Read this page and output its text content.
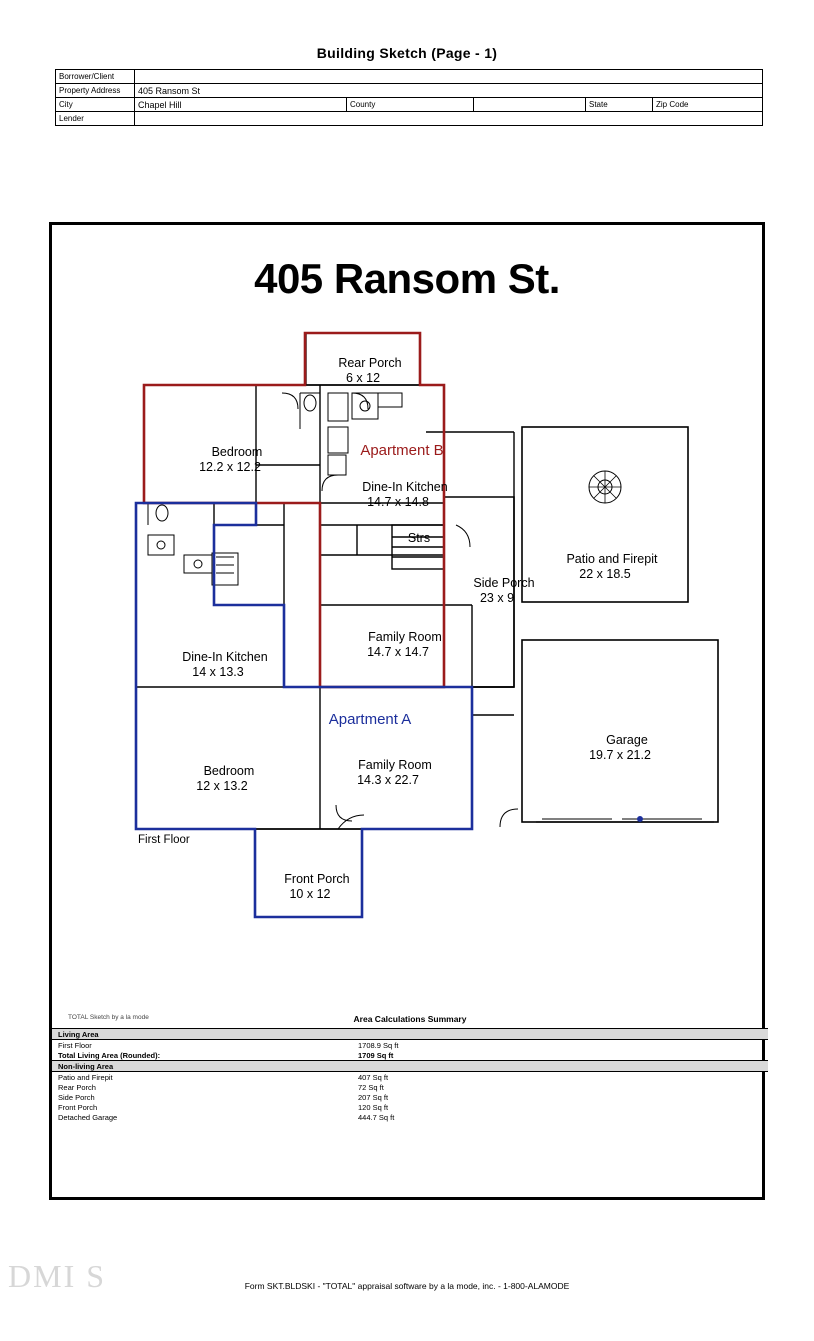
Building Sketch (Page - 1)
Borrower/Client					
Property Address	405 Ransom St				
City	Chapel Hill	County		State	Zip Code
Lender					
405 Ransom St.

Rear Porch
6 x 12

Bedroom
12.2 x 12.2

Apartment B

Dine-In Kitchen
14.7 x 14.8

Strs

Side Porch
23 x 9

Family Room
14.7 x 14.7

Dine-In Kitchen
14 x 13.3

Apartment A

Bedroom
12 x 13.2

Family Room
14.3 x 22.7

Front Porch
10 x 12

Patio and Firepit
22 x 18.5

Garage
19.7 x 21.2

First Floor
TOTAL Sketch by a la mode	Area Calculations Summary
Living Area
First Floor	1708.9 Sq ft
Total Living Area (Rounded):	1709 Sq ft
Non-living Area
Patio and Firepit	407 Sq ft
Rear Porch	72 Sq ft
Side Porch	207 Sq ft
Front Porch	120 Sq ft
Detached Garage	444.7 Sq ft
DMI S	Form SKT.BLDSKI - "TOTAL" appraisal software by a la mode, inc. - 1-800-ALAMODE
